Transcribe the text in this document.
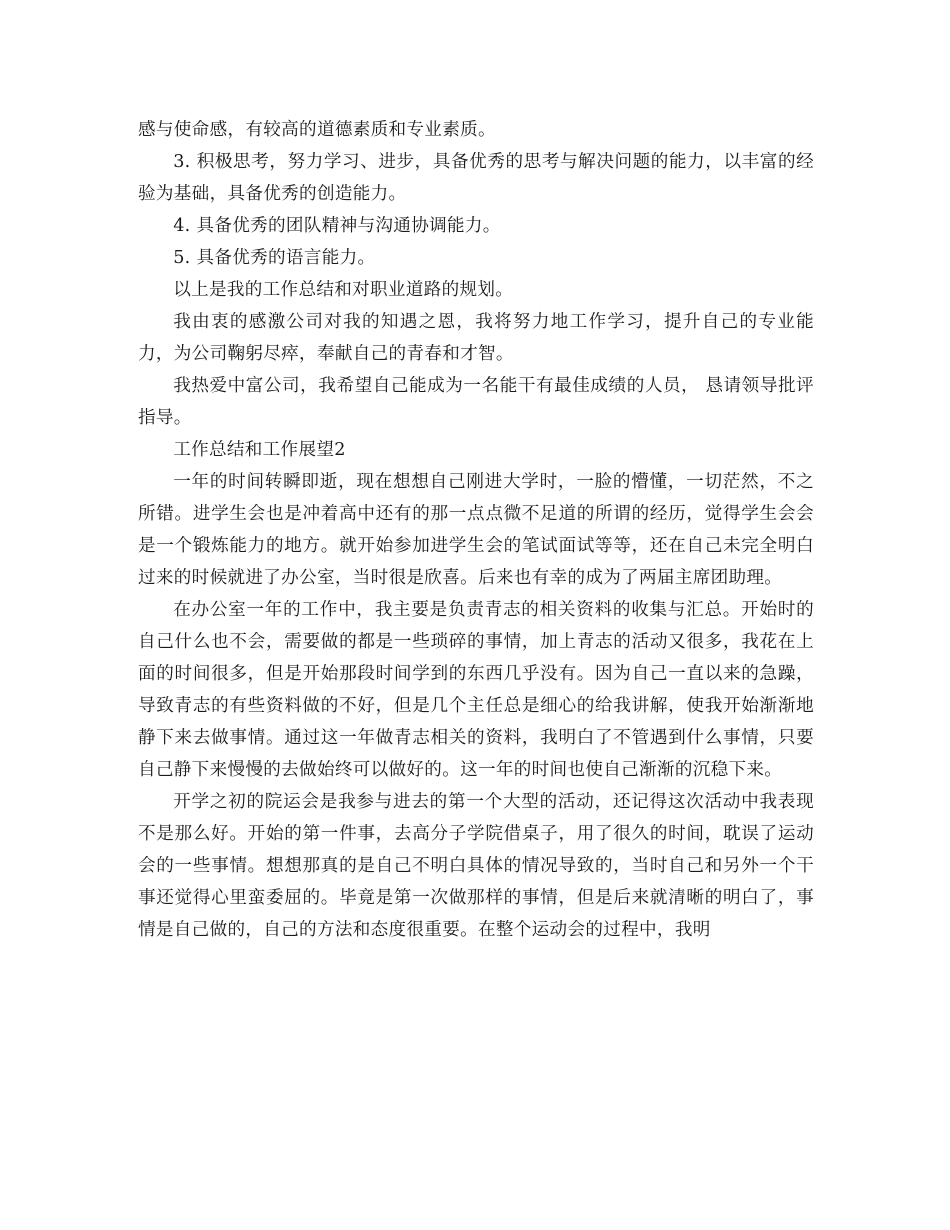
感与使命感，有较高的道德素质和专业素质。

3. 积极思考，努力学习、进步，具备优秀的思考与解决问题的能力，以丰富的经验为基础，具备优秀的创造能力。

4. 具备优秀的团队精神与沟通协调能力。

5. 具备优秀的语言能力。

以上是我的工作总结和对职业道路的规划。

我由衷的感激公司对我的知遇之恩，我将努力地工作学习，提升自己的专业能力，为公司鞠躬尽瘁，奉献自己的青春和才智。

我热爱中富公司，我希望自己能成为一名能干有最佳成绩的人员， 恳请领导批评指导。

工作总结和工作展望2

一年的时间转瞬即逝，现在想想自己刚进大学时，一脸的懵懂，一切茫然，不之所错。进学生会也是冲着高中还有的那一点点微不足道的所谓的经历，觉得学生会会是一个锻炼能力的地方。就开始参加进学生会的笔试面试等等，还在自己未完全明白过来的时候就进了办公室，当时很是欣喜。后来也有幸的成为了两届主席团助理。

在办公室一年的工作中，我主要是负责青志的相关资料的收集与汇总。开始时的自己什么也不会，需要做的都是一些琐碎的事情，加上青志的活动又很多，我花在上面的时间很多，但是开始那段时间学到的东西几乎没有。因为自己一直以来的急躁，导致青志的有些资料做的不好，但是几个主任总是细心的给我讲解，使我开始渐渐地静下来去做事情。通过这一年做青志相关的资料，我明白了不管遇到什么事情，只要自己静下来慢慢的去做始终可以做好的。这一年的时间也使自己渐渐的沉稳下来。

开学之初的院运会是我参与进去的第一个大型的活动，还记得这次活动中我表现不是那么好。开始的第一件事，去高分子学院借桌子，用了很久的时间，耽误了运动会的一些事情。想想那真的是自己不明白具体的情况导致的，当时自己和另外一个干事还觉得心里蛮委屈的。毕竟是第一次做那样的事情，但是后来就清晰的明白了，事情是自己做的，自己的方法和态度很重要。在整个运动会的过程中，我明
